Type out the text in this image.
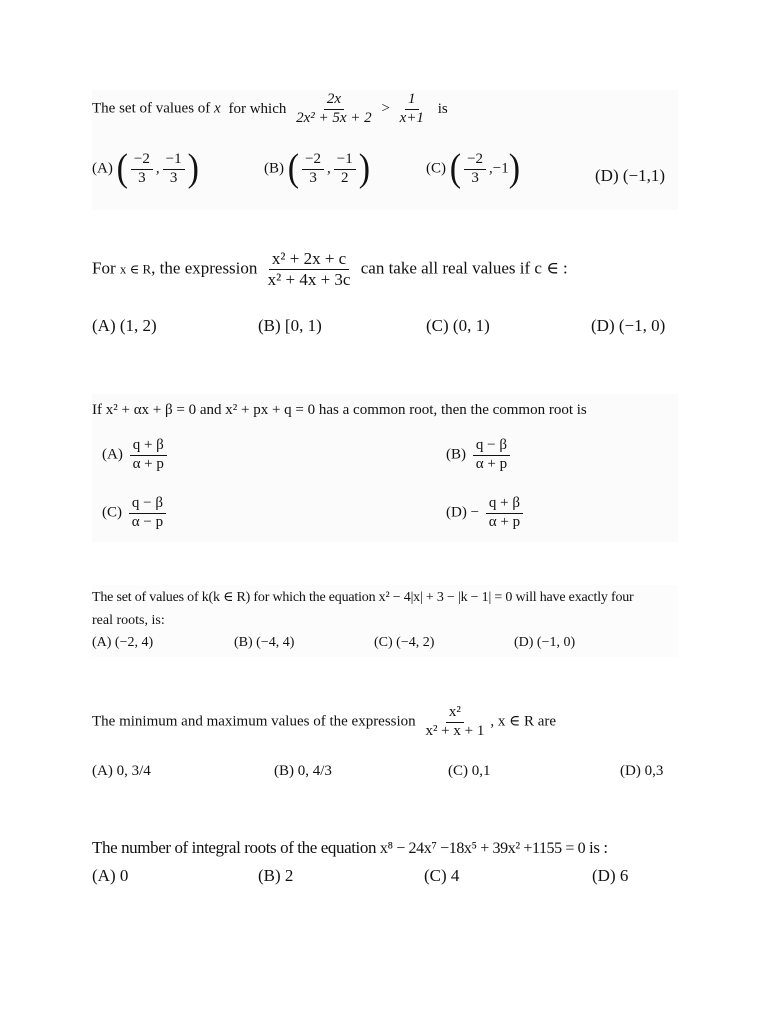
The set of values of x for which $\frac{2x}{\text{2x² + 5x + 2}} > \frac{1}{x+1}$ is
(A) ( $\frac{-2}{3}$ , $\frac{-1}{3}$ )	(B) ( $\frac{-2}{3}$ , $\frac{-1}{2}$ )	(C) ( $\frac{-2}{3} ,-1$)	(D) (−1,1)
For x ∈ R, the expression $\frac{\text{x² + 2x + c}}{\text{x² + 4x + 3c}}$ can take all real values if c ∈ :
(A) (1, 2)	(B) [0, 1)	(C) (0, 1)	(D) (−1, 0)
If x² + αx + β = 0 and x² + px + q = 0 has a common root, then the common root is
$(A) \frac{q + \beta}{\alpha + p}$	$(B) \frac{q - \beta}{\alpha + p}$
$(C) \frac{q - \beta}{\alpha - p}$	$(D) - \frac{q + \beta}{\alpha + p}$
The set of values of k(k ∈ R) for which the equation x² − 4|x| + 3 − |k − 1| = 0 will have exactly four
real roots, is:
(A) (−2, 4)	(B) (−4, 4)	(C) (−4, 2)	(D) (−1, 0)
The minimum and maximum values of the expression $\frac{\text{x²}}{\text{x² + x + 1}}$ , x ∈ R are
(A) 0, 3/4	(B) 0, 4/3	(C) 0,1	(D) 0,3
The number of integral roots of the equation x⁸ − 24x⁷ −18x⁵ + 39x² +1155 = 0 is :
(A) 0	(B) 2	(C) 4	(D) 6
